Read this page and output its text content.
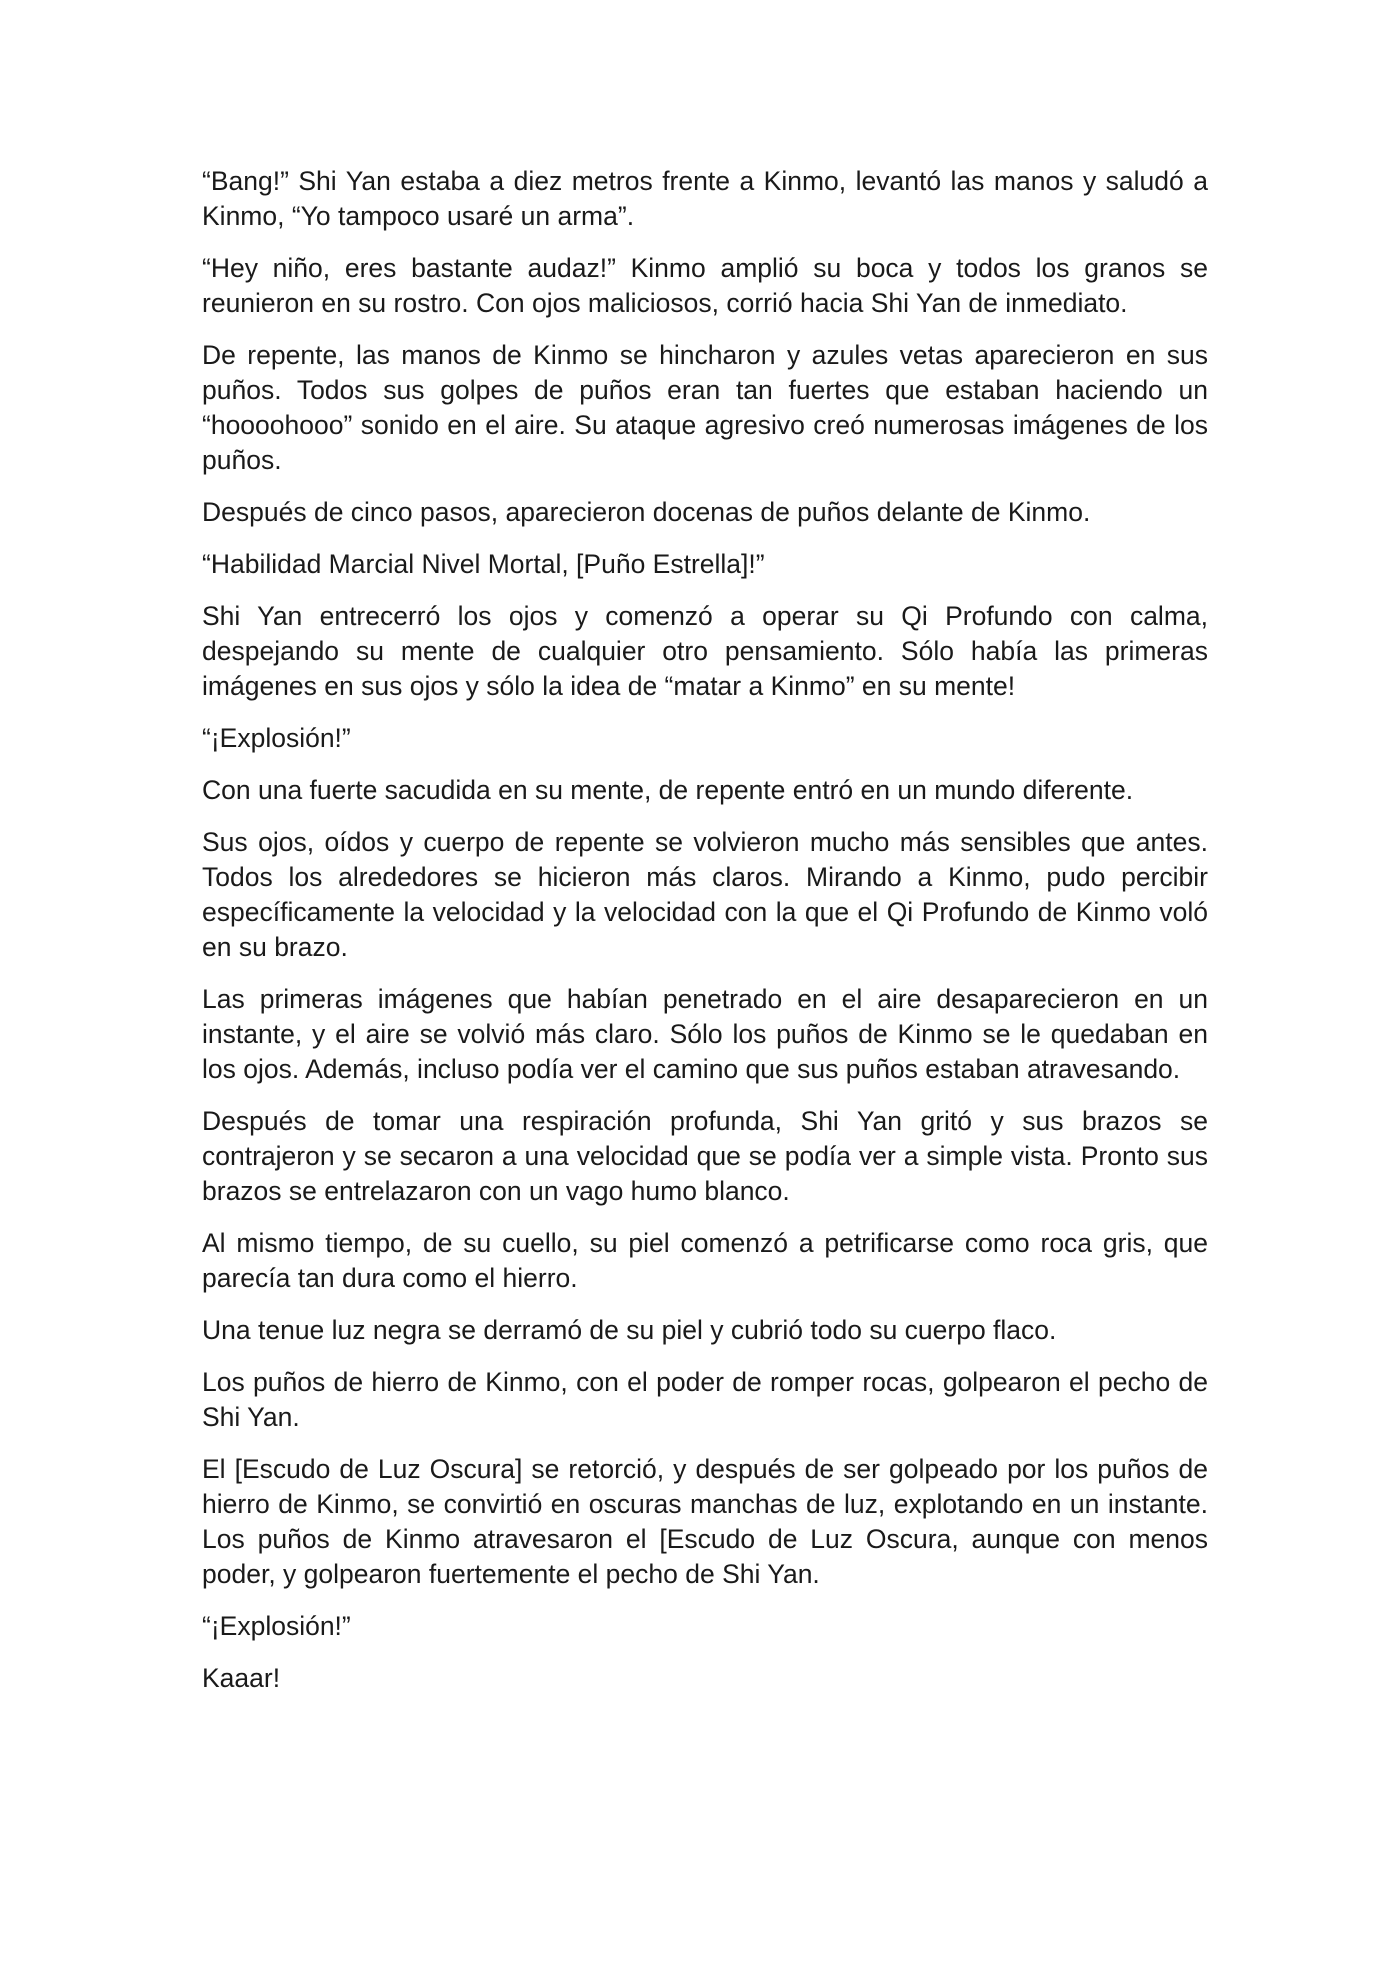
“Bang!” Shi Yan estaba a diez metros frente a Kinmo, levantó las manos y saludó a Kinmo, “Yo tampoco usaré un arma”.

“Hey niño, eres bastante audaz!” Kinmo amplió su boca y todos los granos se reunieron en su rostro. Con ojos maliciosos, corrió hacia Shi Yan de inmediato.

De repente, las manos de Kinmo se hincharon y azules vetas aparecieron en sus puños. Todos sus golpes de puños eran tan fuertes que estaban haciendo un “hoooohooo” sonido en el aire. Su ataque agresivo creó numerosas imágenes de los puños.

Después de cinco pasos, aparecieron docenas de puños delante de Kinmo.

“Habilidad Marcial Nivel Mortal, [Puño Estrella]!”

Shi Yan entrecerró los ojos y comenzó a operar su Qi Profundo con calma, despejando su mente de cualquier otro pensamiento. Sólo había las primeras imágenes en sus ojos y sólo la idea de “matar a Kinmo” en su mente!

“¡Explosión!”

Con una fuerte sacudida en su mente, de repente entró en un mundo diferente.

Sus ojos, oídos y cuerpo de repente se volvieron mucho más sensibles que antes. Todos los alrededores se hicieron más claros. Mirando a Kinmo, pudo percibir específicamente la velocidad y la velocidad con la que el Qi Profundo de Kinmo voló en su brazo.

Las primeras imágenes que habían penetrado en el aire desaparecieron en un instante, y el aire se volvió más claro. Sólo los puños de Kinmo se le quedaban en los ojos. Además, incluso podía ver el camino que sus puños estaban atravesando.

Después de tomar una respiración profunda, Shi Yan gritó y sus brazos se contrajeron y se secaron a una velocidad que se podía ver a simple vista. Pronto sus brazos se entrelazaron con un vago humo blanco.

Al mismo tiempo, de su cuello, su piel comenzó a petrificarse como roca gris, que parecía tan dura como el hierro.

Una tenue luz negra se derramó de su piel y cubrió todo su cuerpo flaco.

Los puños de hierro de Kinmo, con el poder de romper rocas, golpearon el pecho de Shi Yan.

El [Escudo de Luz Oscura] se retorció, y después de ser golpeado por los puños de hierro de Kinmo, se convirtió en oscuras manchas de luz, explotando en un instante. Los puños de Kinmo atravesaron el [Escudo de Luz Oscura, aunque con menos poder, y golpearon fuertemente el pecho de Shi Yan.

“¡Explosión!”

Kaaar!
